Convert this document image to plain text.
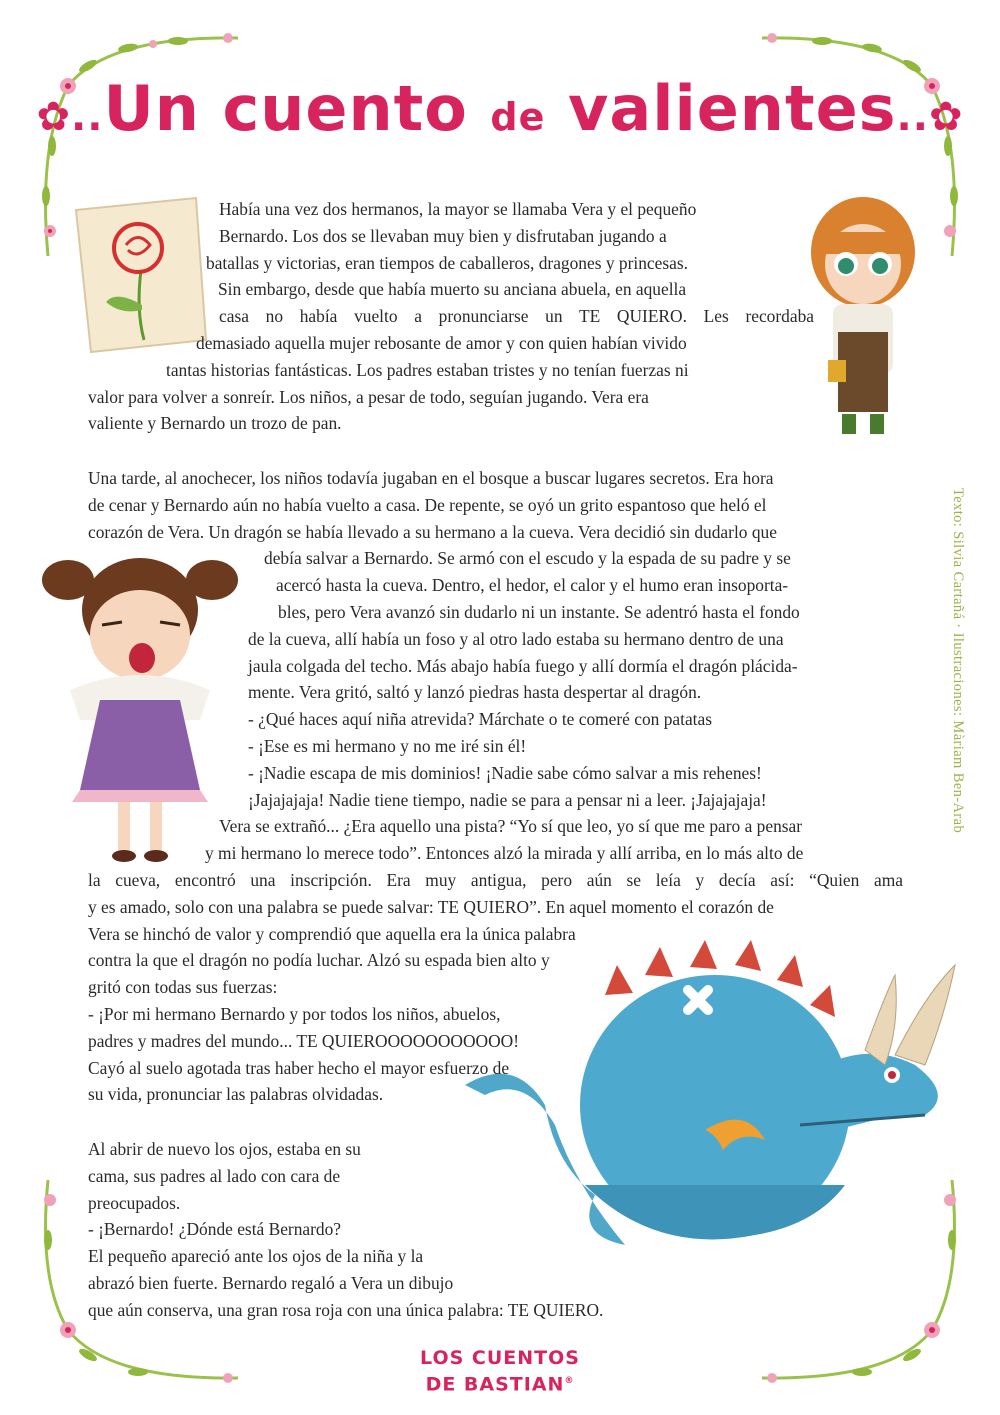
✿..Un cuento de valientes..✿
Había una vez dos hermanos, la mayor se llamaba Vera y el pequeño
Bernardo. Los dos se llevaban muy bien y disfrutaban jugando a
batallas y victorias, eran tiempos de caballeros, dragones y princesas.
Sin embargo, desde que había muerto su anciana abuela, en aquella
casa no había vuelto a pronunciarse un TE QUIERO. Les recordaba
demasiado aquella mujer rebosante de amor y con quien habían vivido
tantas historias fantásticas. Los padres estaban tristes y no tenían fuerzas ni
valor para volver a sonreír. Los niños, a pesar de todo, seguían jugando. Vera era
valiente y Bernardo un trozo de pan.
Una tarde, al anochecer, los niños todavía jugaban en el bosque a buscar lugares secretos. Era hora
de cenar y Bernardo aún no había vuelto a casa. De repente, se oyó un grito espantoso que heló el
corazón de Vera. Un dragón se había llevado a su hermano a la cueva. Vera decidió sin dudarlo que
debía salvar a Bernardo. Se armó con el escudo y la espada de su padre y se
acercó hasta la cueva. Dentro, el hedor, el calor y el humo eran insoporta-
bles, pero Vera avanzó sin dudarlo ni un instante. Se adentró hasta el fondo
de la cueva, allí había un foso y al otro lado estaba su hermano dentro de una
jaula colgada del techo. Más abajo había fuego y allí dormía el dragón plácida-
mente. Vera gritó, saltó y lanzó piedras hasta despertar al dragón.
- ¿Qué haces aquí niña atrevida? Márchate o te comeré con patatas
- ¡Ese es mi hermano y no me iré sin él!
- ¡Nadie escapa de mis dominios! ¡Nadie sabe cómo salvar a mis rehenes!
¡Jajajajaja! Nadie tiene tiempo, nadie se para a pensar ni a leer. ¡Jajajajaja!
Vera se extrañó... ¿Era aquello una pista? “Yo sí que leo, yo sí que me paro a pensar
y mi hermano lo merece todo”. Entonces alzó la mirada y allí arriba, en lo más alto de
la cueva, encontró una inscripción. Era muy antigua, pero aún se leía y decía así: “Quien ama
y es amado, solo con una palabra se puede salvar: TE QUIERO”. En aquel momento el corazón de
Vera se hinchó de valor y comprendió que aquella era la única palabra
contra la que el dragón no podía luchar. Alzó su espada bien alto y
gritó con todas sus fuerzas:
- ¡Por mi hermano Bernardo y por todos los niños, abuelos,
padres y madres del mundo... TE QUIEROOOOOOOOOOO!
Cayó al suelo agotada tras haber hecho el mayor esfuerzo de
su vida, pronunciar las palabras olvidadas.
Al abrir de nuevo los ojos, estaba en su
cama, sus padres al lado con cara de
preocupados.
- ¡Bernardo! ¿Dónde está Bernardo?
El pequeño apareció ante los ojos de la niña y la
abrazó bien fuerte. Bernardo regaló a Vera un dibujo
que aún conserva, una gran rosa roja con una única palabra: TE QUIERO.
Texto: Silvia Cartañá · Ilustraciones: Màriam Ben-Arab
LOS CUENTOS
DE BASTIAN®
